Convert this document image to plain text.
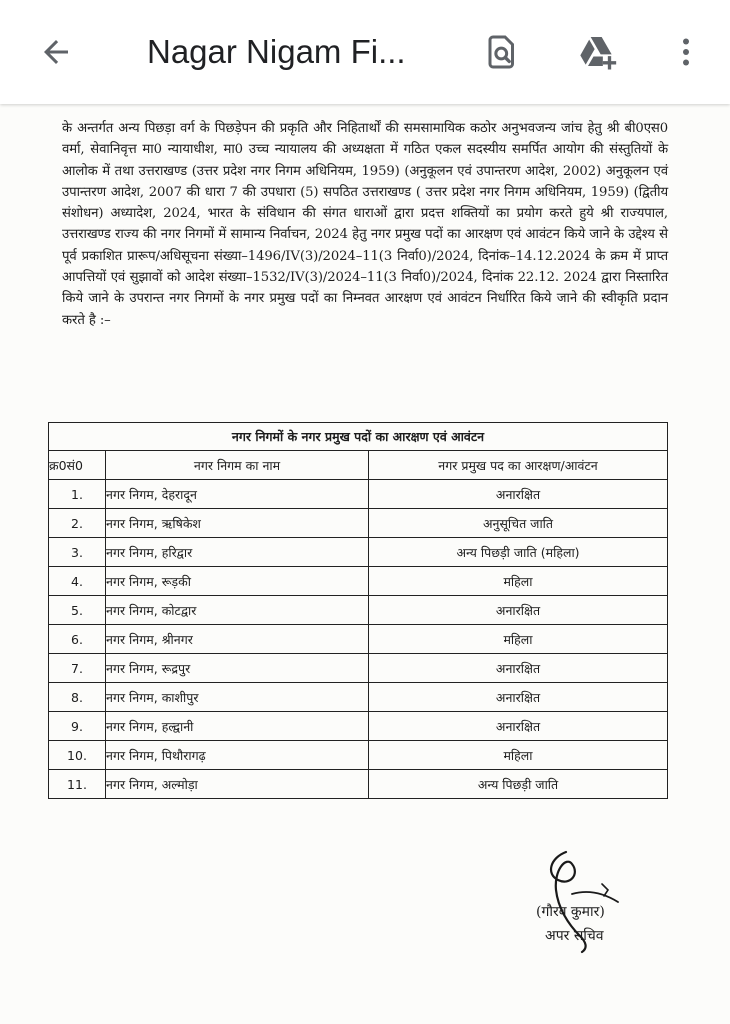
Nagar Nigam Fi...
के अन्तर्गत अन्य पिछड़ा वर्ग के पिछड़ेपन की प्रकृति और निहितार्थों की समसामायिक कठोर अनुभवजन्य जांच हेतु श्री बी0एस0 वर्मा, सेवानिवृत्त मा0 न्यायाधीश, मा0 उच्च न्यायालय की अध्यक्षता में गठित एकल सदस्यीय समर्पित आयोग की संस्तुतियों के आलोक में तथा उत्तराखण्ड (उत्तर प्रदेश नगर निगम अधिनियम, 1959) (अनुकूलन एवं उपान्तरण आदेश, 2002) अनुकूलन एवं उपान्तरण आदेश, 2007 की धारा 7 की उपधारा (5) सपठित उत्तराखण्ड ( उत्तर प्रदेश नगर निगम अधिनियम, 1959) (द्वितीय संशोधन) अध्यादेश, 2024, भारत के संविधान की संगत धाराओं द्वारा प्रदत्त शक्तियों का प्रयोग करते हुये श्री राज्यपाल, उत्तराखण्ड राज्य की नगर निगमों में सामान्य निर्वाचन, 2024 हेतु नगर प्रमुख पदों का आरक्षण एवं आवंटन किये जाने के उद्देश्य से पूर्व प्रकाशित प्रारूप/अधिसूचना संख्या–1496/IV(3)/2024–11(3 निर्वा0)/2024, दिनांक–14.12.2024 के क्रम में प्राप्त आपत्तियों एवं सुझावों को आदेश संख्या–1532/IV(3)/2024–11(3 निर्वा0)/2024, दिनांक 22.12. 2024 द्वारा निस्तारित किये जाने के उपरान्त नगर निगमों के नगर प्रमुख पदों का निम्नवत आरक्षण एवं आवंटन निर्धारित किये जाने की स्वीकृति प्रदान करते है :–
नगर निगमों के नगर प्रमुख पदों का आरक्षण एवं आवंटन		
क्र0सं0	नगर निगम का नाम	नगर प्रमुख पद का आरक्षण/आवंटन
1.	नगर निगम, देहरादून	अनारक्षित
2.	नगर निगम, ऋषिकेश	अनुसूचित जाति
3.	नगर निगम, हरिद्वार	अन्य पिछड़ी जाति (महिला)
4.	नगर निगम, रूड़की	महिला
5.	नगर निगम, कोटद्वार	अनारक्षित
6.	नगर निगम, श्रीनगर	महिला
7.	नगर निगम, रूद्रपुर	अनारक्षित
8.	नगर निगम, काशीपुर	अनारक्षित
9.	नगर निगम, हल्द्वानी	अनारक्षित
10.	नगर निगम, पिथौरागढ़	महिला
11.	नगर निगम, अल्मोड़ा	अन्य पिछड़ी जाति
(गौरव कुमार)
अपर सचिव
